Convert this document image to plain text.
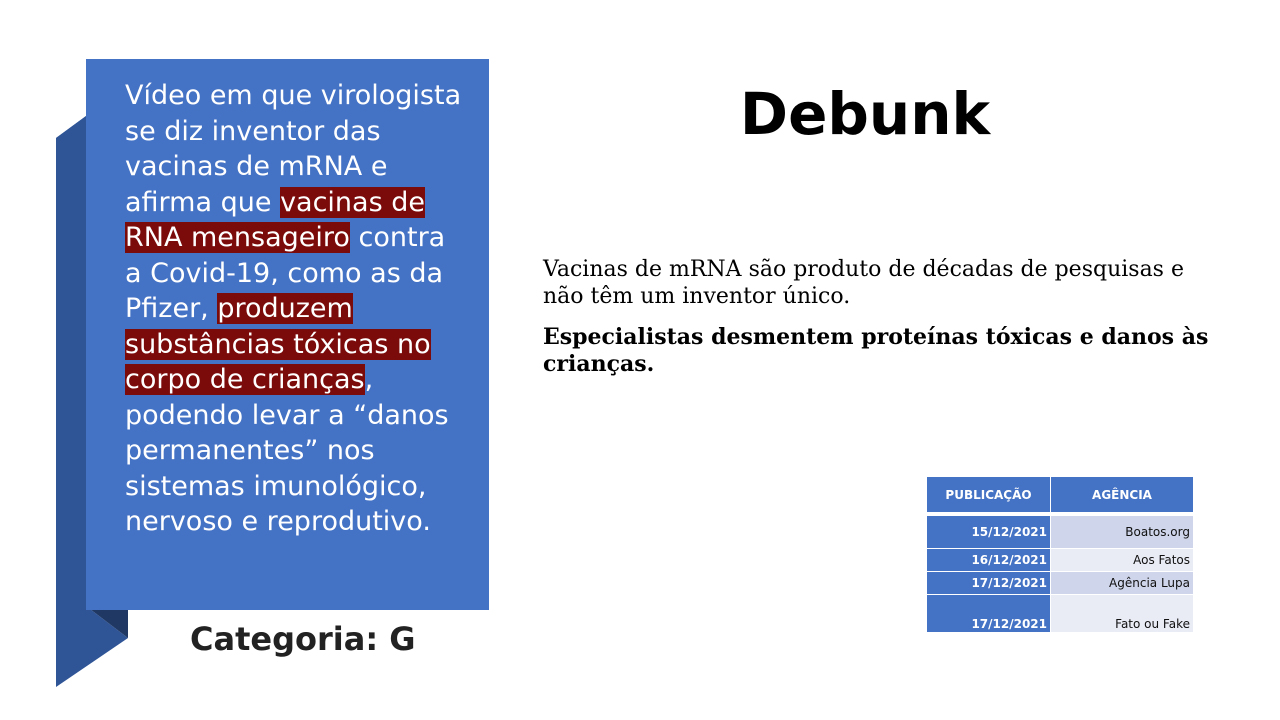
Vídeo em que virologista se diz inventor das vacinas de mRNA e afirma que vacinas de RNA mensageiro contra a Covid-19, como as da Pfizer, produzem substâncias tóxicas no corpo de crianças, podendo levar a “danos permanentes” nos sistemas imunológico, nervoso e reprodutivo.

Categoria: G

Debunk

Vacinas de mRNA são produto de décadas de pesquisas e não têm um inventor único.

Especialistas desmentem proteínas tóxicas e danos às crianças.

PUBLICAÇÃO	AGÊNCIA
15/12/2021	Boatos.org
16/12/2021	Aos Fatos
17/12/2021	Agência Lupa
17/12/2021	Fato ou Fake
